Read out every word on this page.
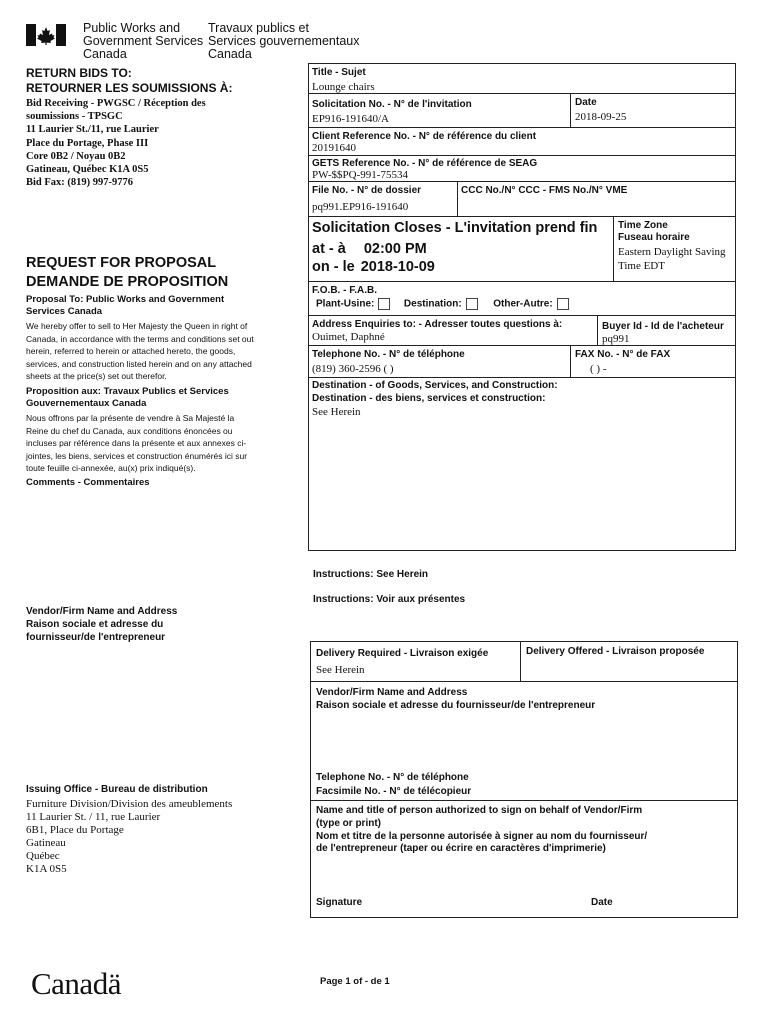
Public Works and
Government Services
Canada
Travaux publics et
Services gouvernementaux
Canada
RETURN BIDS TO:
RETOURNER LES SOUMISSIONS À:
Bid Receiving - PWGSC / Réception des
soumissions - TPSGC
11 Laurier St./11, rue Laurier
Place du Portage, Phase III
Core 0B2 / Noyau 0B2
Gatineau, Québec K1A 0S5
Bid Fax: (819) 997-9776
REQUEST FOR PROPOSAL
DEMANDE DE PROPOSITION
Proposal To: Public Works and Government Services Canada
We hereby offer to sell to Her Majesty the Queen in right of Canada, in accordance with the terms and conditions set out herein, referred to herein or attached hereto, the goods, services, and construction listed herein and on any attached sheets at the price(s) set out therefor.
Proposition aux: Travaux Publics et Services Gouvernementaux Canada
Nous offrons par la présente de vendre à Sa Majesté la Reine du chef du Canada, aux conditions énoncées ou incluses par référence dans la présente et aux annexes ci-jointes, les biens, services et construction énumérés ici sur toute feuille ci-annexée, au(x) prix indiqué(s).
Comments - Commentaires
Title - Sujet
Lounge chairs
Solicitation No. - N° de l'invitation
EP916-191640/A
Date
2018-09-25
Client Reference No. - N° de référence du client
20191640
GETS Reference No. - N° de référence de SEAG
PW-$$PQ-991-75534
File No. - N° de dossier
pq991.EP916-191640
CCC No./N° CCC - FMS No./N° VME
Solicitation Closes - L'invitation prend fin
at - à 02:00 PM
on - le 2018-10-09
Time Zone
Fuseau horaire
Eastern Daylight Saving
Time EDT
F.O.B. - F.A.B.
Plant-Usine:	Destination:	Other-Autre:
Address Enquiries to: - Adresser toutes questions à:
Ouimet, Daphné
Buyer Id - Id de l'acheteur
pq991
Telephone No. - N° de téléphone
(819) 360-2596 ( )
FAX No. - N° de FAX
( ) -
Destination - of Goods, Services, and Construction:
Destination - des biens, services et construction:
See Herein
Instructions: See Herein
Instructions: Voir aux présentes
Vendor/Firm Name and Address
Raison sociale et adresse du
fournisseur/de l'entrepreneur
Delivery Required - Livraison exigée
See Herein
Delivery Offered - Livraison proposée
Vendor/Firm Name and Address
Raison sociale et adresse du fournisseur/de l'entrepreneur
Telephone No. - N° de téléphone
Facsimile No. - N° de télécopieur
Name and title of person authorized to sign on behalf of Vendor/Firm
(type or print)
Nom et titre de la personne autorisée à signer au nom du fournisseur/
de l'entrepreneur (taper ou écrire en caractères d'imprimerie)
Signature	Date
Issuing Office - Bureau de distribution
Furniture Division/Division des ameublements
11 Laurier St. / 11, rue Laurier
6B1, Place du Portage
Gatineau
Québec
K1A 0S5
Canadä	Page 1 of - de 1
